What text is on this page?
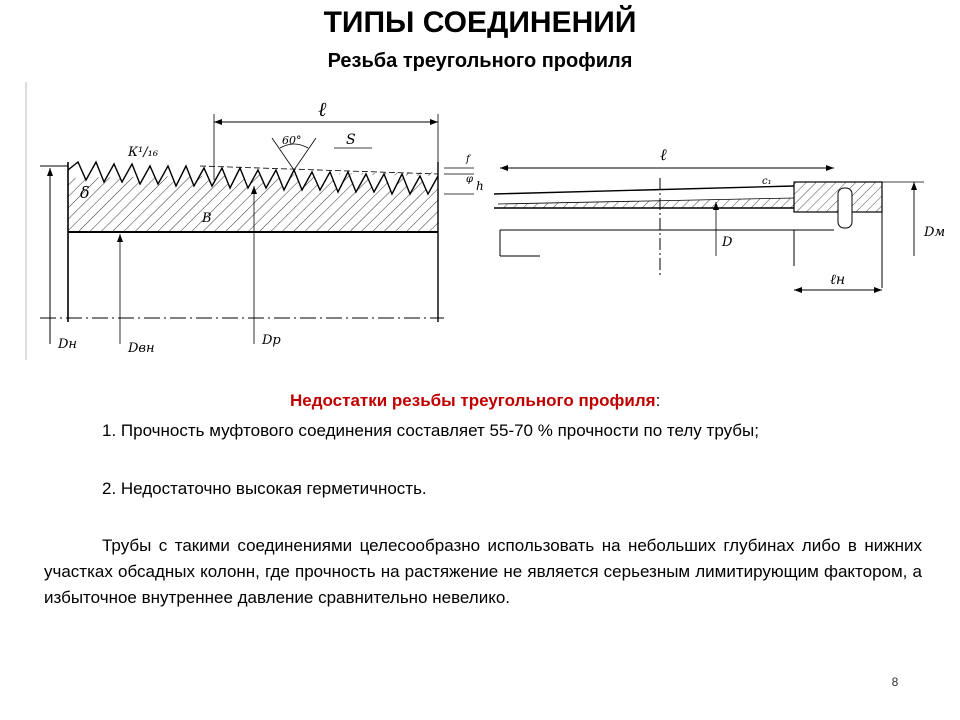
ТИПЫ СОЕДИНЕНИЙ
Резьба треугольного профиля
ℓ
60°	S
К¹/₁₆	f
φ h
δ
B
Dн	Dвн
Dр
ℓ
D
c₁
Dм
ℓн
Недостатки резьбы треугольного профиля:

1. Прочность муфтового соединения составляет 55-70 % прочности по телу трубы;

2. Недостаточно высокая герметичность.

Трубы с такими соединениями целесообразно использовать на небольших глубинах либо в нижних участках обсадных колонн, где прочность на растяжение не является серьезным лимитирующим фактором, а избыточное внутреннее давление сравнительно невелико.

8
